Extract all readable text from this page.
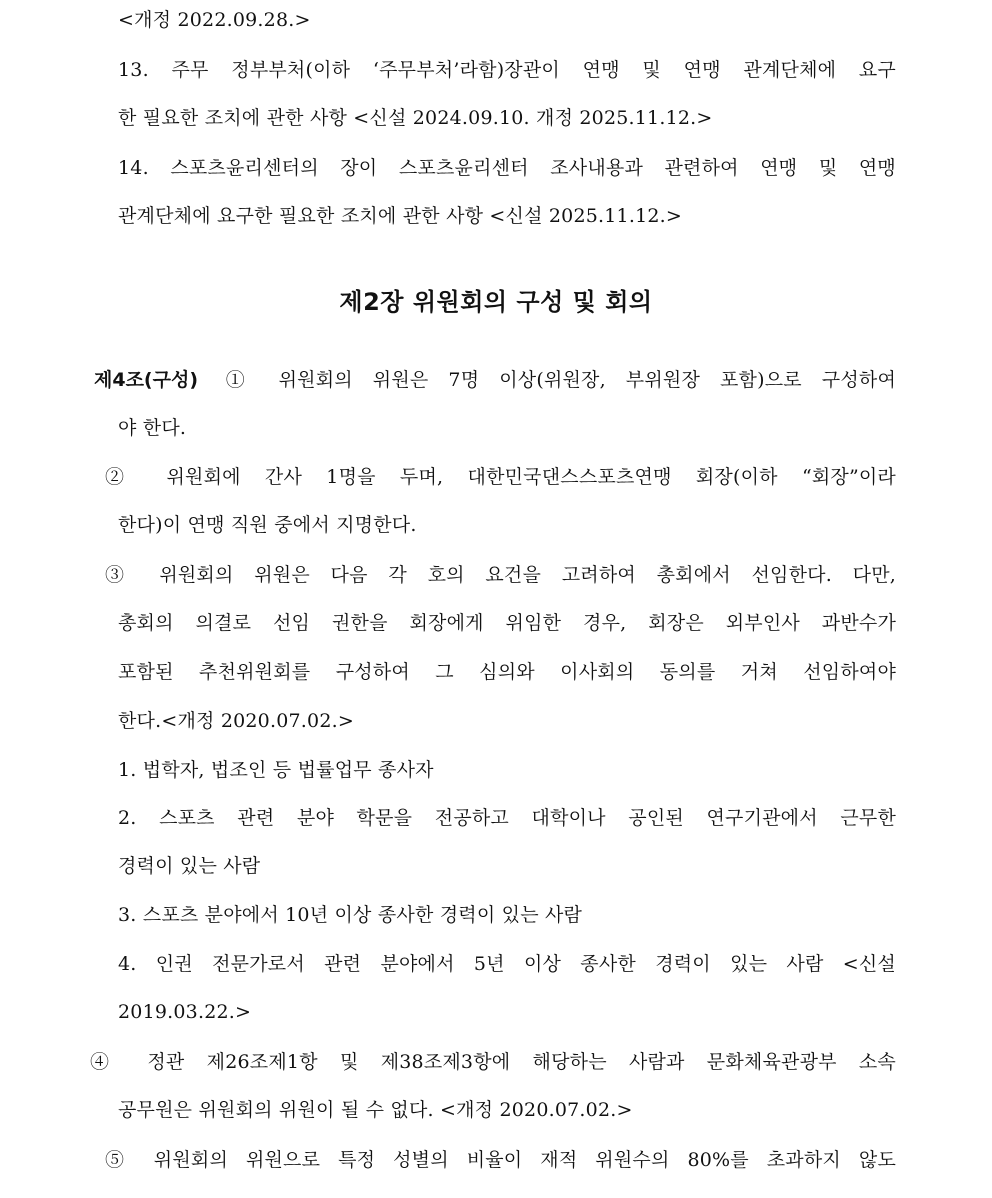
<개정 2022.09.28.>
13. 주무 정부부처(이하 ‘주무부처’라함)장관이 연맹 및 연맹 관계단체에 요구
한 필요한 조치에 관한 사항 <신설 2024.09.10. 개정 2025.11.12.>
14. 스포츠윤리센터의 장이 스포츠윤리센터 조사내용과 관련하여 연맹 및 연맹
관계단체에 요구한 필요한 조치에 관한 사항 <신설 2025.11.12.>
제2장 위원회의 구성 및 회의
제4조(구성) ① 위원회의 위원은 7명 이상(위원장, 부위원장 포함)으로 구성하여
야 한다.
② 위원회에 간사 1명을 두며, 대한민국댄스스포츠연맹 회장(이하 “회장”이라
한다)이 연맹 직원 중에서 지명한다.
③ 위원회의 위원은 다음 각 호의 요건을 고려하여 총회에서 선임한다. 다만,
총회의 의결로 선임 권한을 회장에게 위임한 경우, 회장은 외부인사 과반수가
포함된 추천위원회를 구성하여 그 심의와 이사회의 동의를 거쳐 선임하여야
한다.<개정 2020.07.02.>
1. 법학자, 법조인 등 법률업무 종사자
2. 스포츠 관련 분야 학문을 전공하고 대학이나 공인된 연구기관에서 근무한
경력이 있는 사람
3. 스포츠 분야에서 10년 이상 종사한 경력이 있는 사람
4. 인권 전문가로서 관련 분야에서 5년 이상 종사한 경력이 있는 사람 <신설
2019.03.22.>
④ 정관 제26조제1항 및 제38조제3항에 해당하는 사람과 문화체육관광부 소속
공무원은 위원회의 위원이 될 수 없다. <개정 2020.07.02.>
⑤ 위원회의 위원으로 특정 성별의 비율이 재적 위원수의 80%를 초과하지 않도
